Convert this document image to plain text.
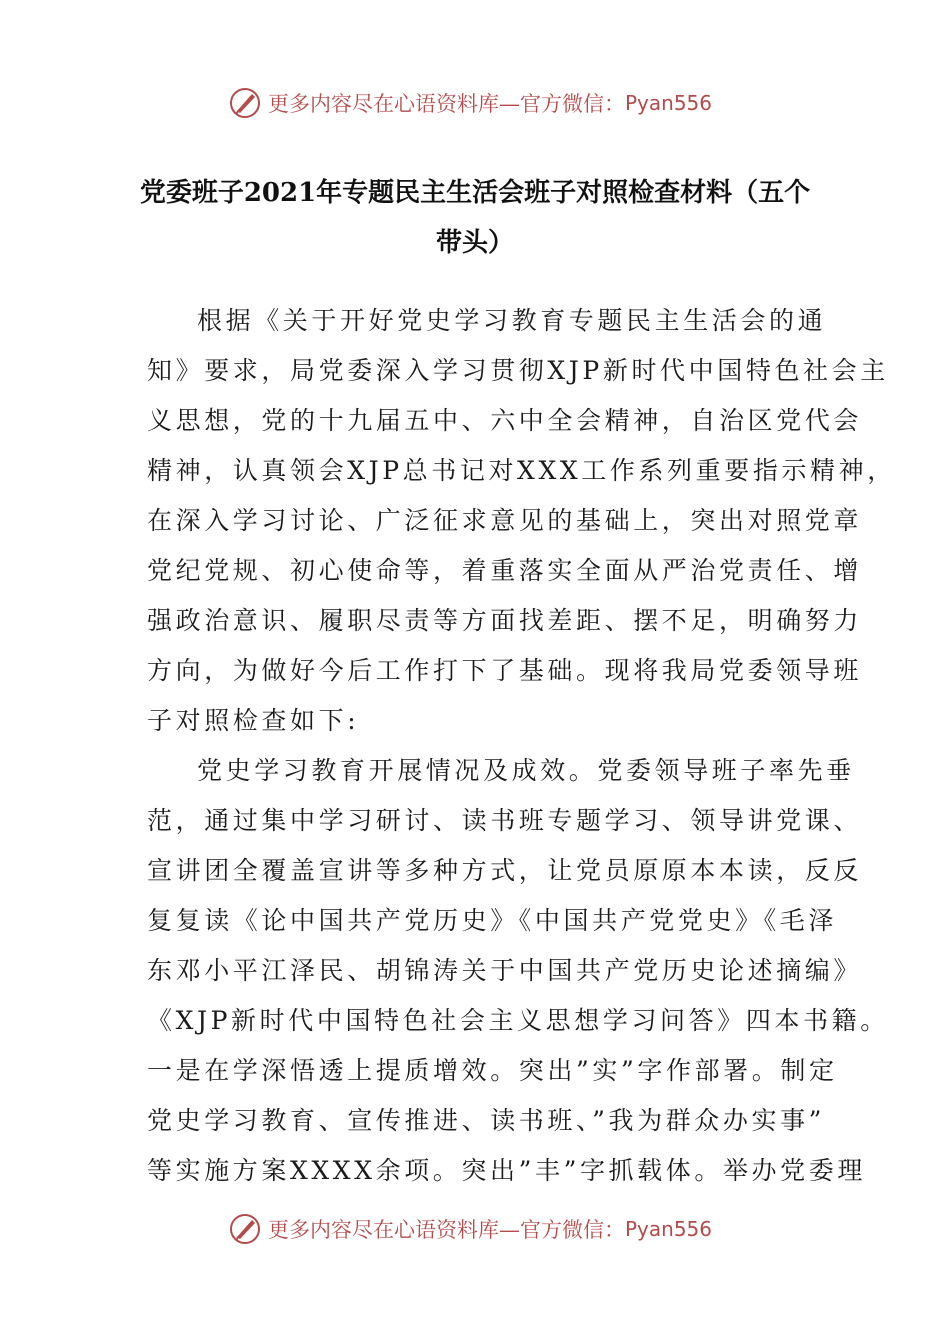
更多内容尽在心语资料库—官方微信： Pyan556
党委班子2021年专题民主生活会班子对照检查材料（五个
带头）
根据《关于开好党史学习教育专题民主生活会的通
知》要求，局党委深入学习贯彻XJP新时代中国特色社会主
义思想，党的十九届五中、六中全会精神，自治区党代会
精神，认真领会XJP总书记对XXX工作系列重要指示精神，
在深入学习讨论、广泛征求意见的基础上，突出对照党章
党纪党规、初心使命等，着重落实全面从严治党责任、增
强政治意识、履职尽责等方面找差距、摆不足，明确努力
方向，为做好今后工作打下了基础。现将我局党委领导班
子对照检查如下:
党史学习教育开展情况及成效。党委领导班子率先垂
范，通过集中学习研讨、读书班专题学习、领导讲党课、
宣讲团全覆盖宣讲等多种方式，让党员原原本本读，反反
复复读《论中国共产党历史》《中国共产党党史》《毛泽
东邓小平江泽民、胡锦涛关于中国共产党历史论述摘编》
《XJP新时代中国特色社会主义思想学习问答》四本书籍。
一是在学深悟透上提质增效。突出”实”字作部署。制定
党史学习教育、宣传推进、读书班、”我为群众办实事”
等实施方案XXXX余项。突出”丰”字抓载体。举办党委理
更多内容尽在心语资料库—官方微信： Pyan556
